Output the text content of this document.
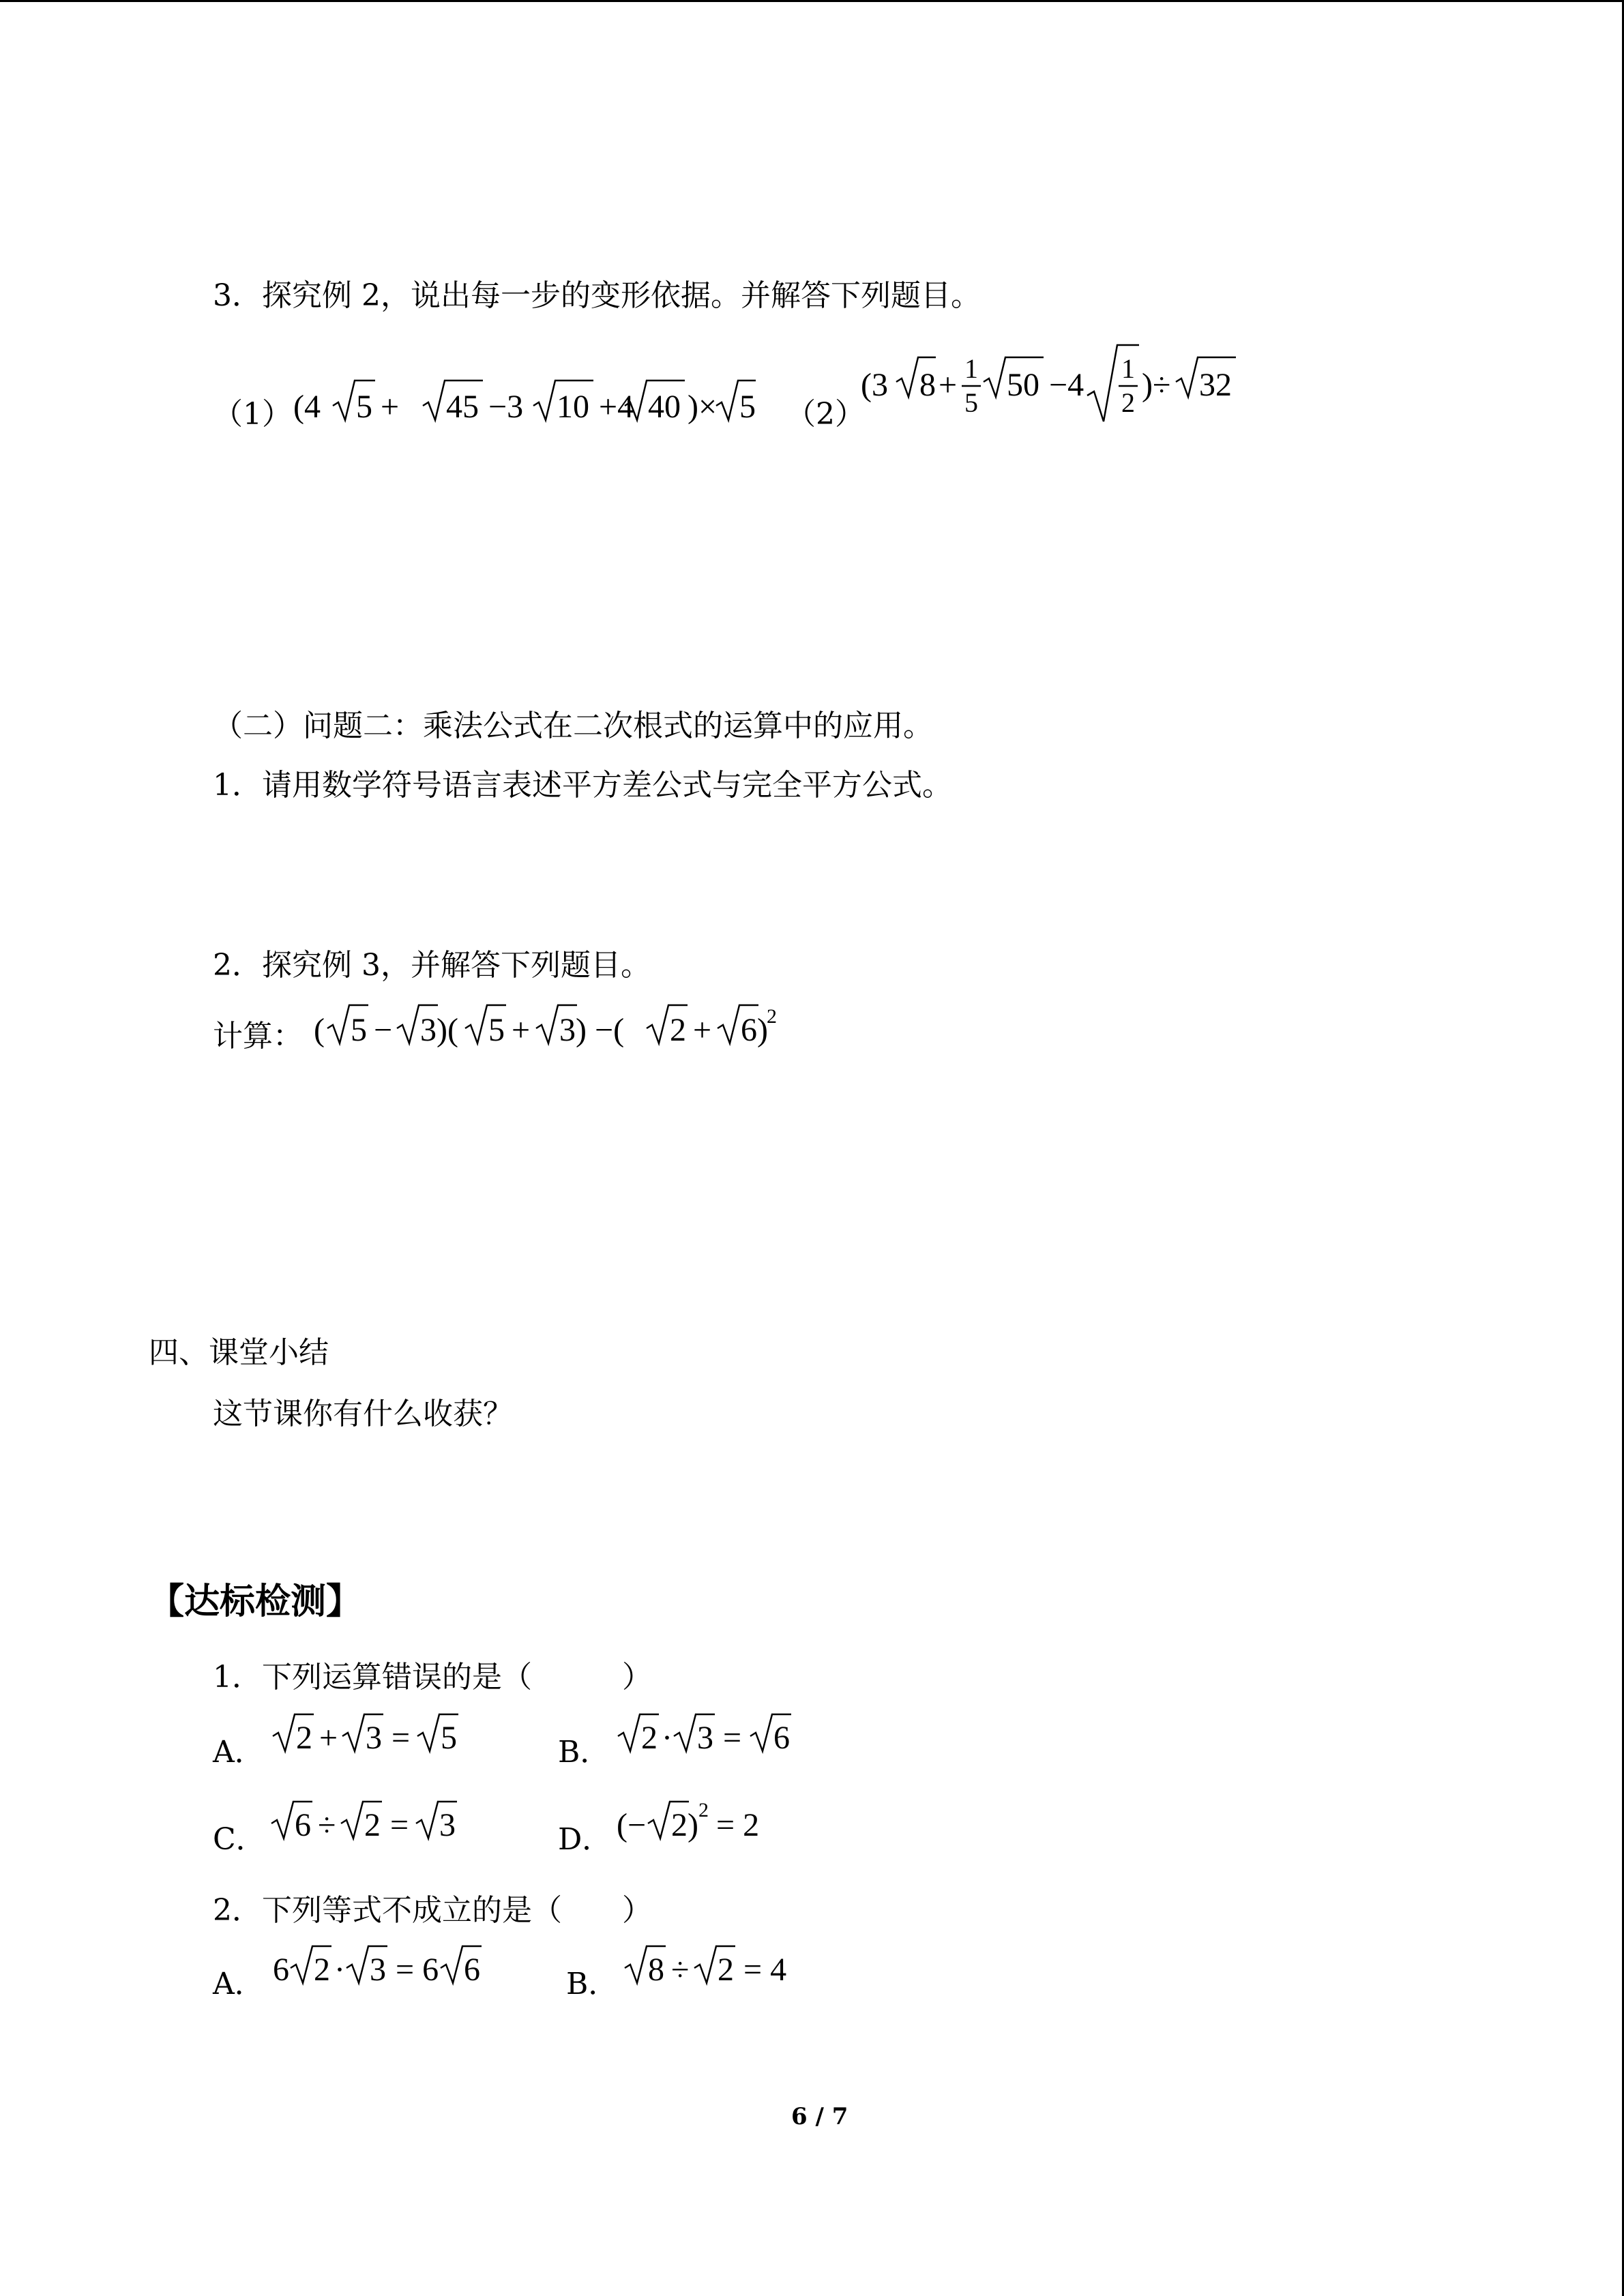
3．探究例 2，说出每一步的变形依据。并解答下列题目。
（1） (4 5 + 45 −3 10 +4 40 )× 5 （2）
(3 8 + 1
5 50 −4 1
2 )÷ 32
（二）问题二：乘法公式在二次根式的运算中的应用。
1．请用数学符号语言表述平方差公式与完全平方公式。
2．探究例 3，并解答下列题目。
计算： ( 5 − 3)( 5 + 3) −( 2 + 6)
2
四、课堂小结
这节课你有什么收获？
【达标检测】
1．下列运算错误的是（　　　）
A． 2 + 3 = 5	B． 2 · 3 = 6
C． 6 ÷ 2 = 3	D． (− 2) 2 = 2
2．下列等式不成立的是（　　）
A． 6 2 · 3 = 6 6	B． 8 ÷ 2 = 4
6 / 7
